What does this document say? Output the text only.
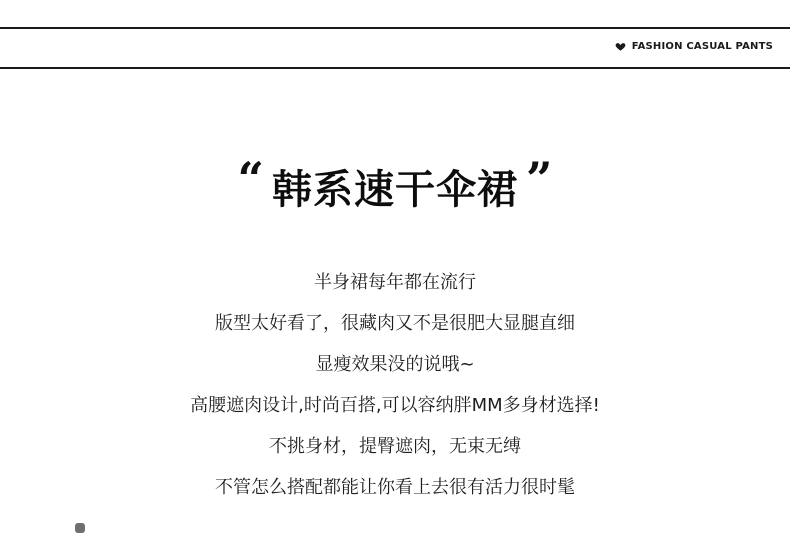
FASHION CASUAL PANTS
“ 韩系速干伞裙 ”
半身裙每年都在流行
版型太好看了，很藏肉又不是很肥大显腿直细
显瘦效果没的说哦~
高腰遮肉设计,时尚百搭,可以容纳胖MM多身材选择!
不挑身材，提臀遮肉，无束无缚
不管怎么搭配都能让你看上去很有活力很时髦
